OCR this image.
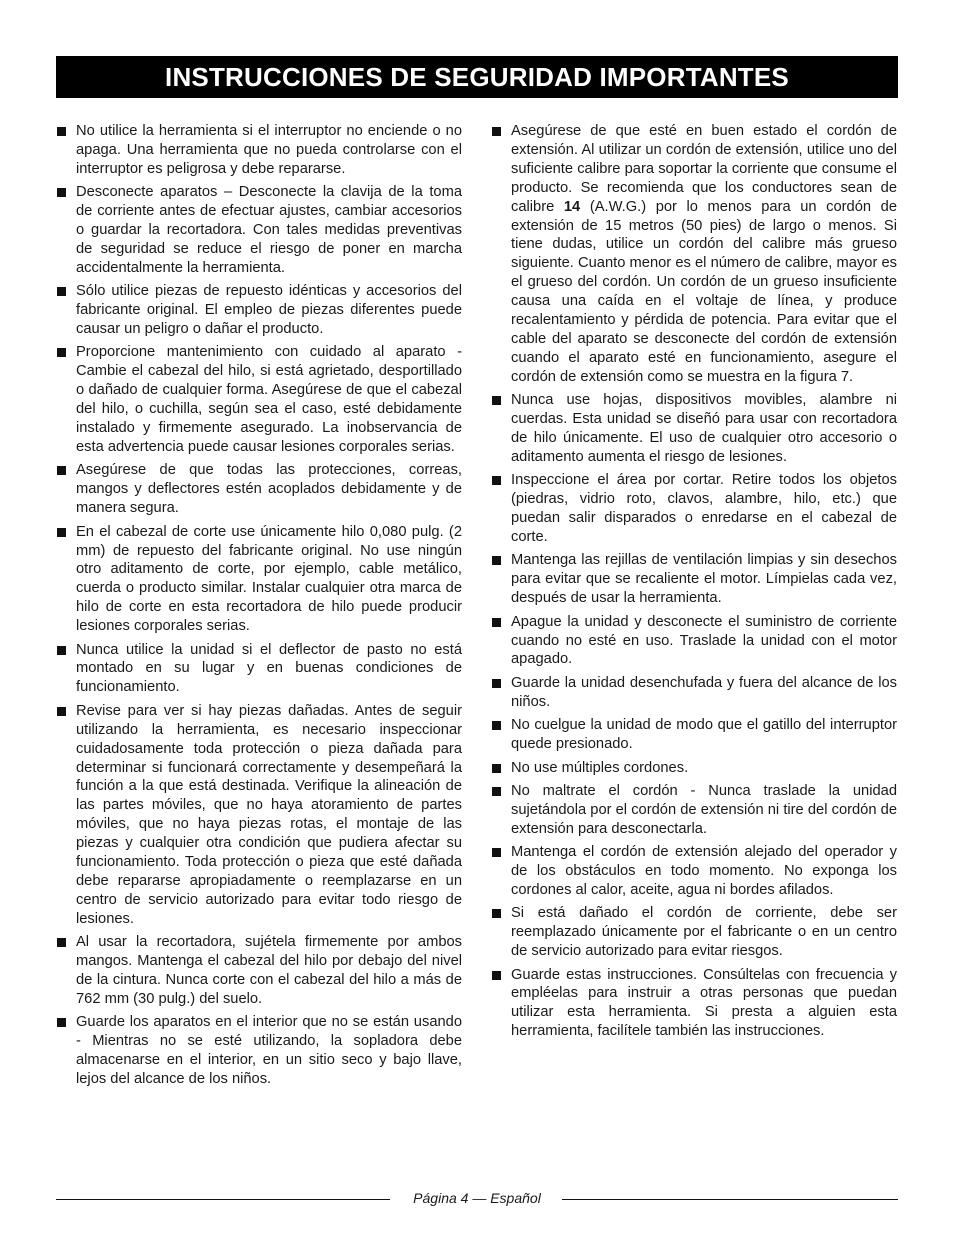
INSTRUCCIONES DE SEGURIDAD IMPORTANTES
No utilice la herramienta si el interruptor no enciende o no apaga. Una herramienta que no pueda controlarse con el interruptor es peligrosa y debe repararse.
Desconecte aparatos – Desconecte la clavija de la toma de corriente antes de efectuar ajustes, cambiar accesorios o guardar la recortadora. Con tales medidas preventivas de seguridad se reduce el riesgo de poner en marcha accidentalmente la herramienta.
Sólo utilice piezas de repuesto idénticas y accesorios del fabricante original. El empleo de piezas diferentes puede causar un peligro o dañar el producto.
Proporcione mantenimiento con cuidado al aparato - Cambie el cabezal del hilo, si está agrietado, desportillado o dañado de cualquier forma. Asegúrese de que el cabezal del hilo, o cuchilla, según sea el caso, esté debidamente instalado y firmemente asegurado. La inobservancia de esta advertencia puede causar lesiones corporales serias.
Asegúrese de que todas las protecciones, correas, mangos y deflectores estén acoplados debidamente y de manera segura.
En el cabezal de corte use únicamente hilo 0,080 pulg. (2 mm) de repuesto del fabricante original. No use ningún otro aditamento de corte, por ejemplo, cable metálico, cuerda o producto similar. Instalar cualquier otra marca de hilo de corte en esta recortadora de hilo puede producir lesiones corporales serias.
Nunca utilice la unidad si el deflector de pasto no está montado en su lugar y en buenas condiciones de funcionamiento.
Revise para ver si hay piezas dañadas. Antes de seguir utilizando la herramienta, es necesario inspeccionar cuidadosamente toda protección o pieza dañada para determinar si funcionará correctamente y desempeñará la función a la que está destinada. Verifique la alineación de las partes móviles, que no haya atoramiento de partes móviles, que no haya piezas rotas, el montaje de las piezas y cualquier otra condición que pudiera afectar su funcionamiento. Toda protección o pieza que esté dañada debe repararse apropiadamente o reemplazarse en un centro de servicio autorizado para evitar todo riesgo de lesiones.
Al usar la recortadora, sujétela firmemente por ambos mangos. Mantenga el cabezal del hilo por debajo del nivel de la cintura. Nunca corte con el cabezal del hilo a más de 762 mm (30 pulg.) del suelo.
Guarde los aparatos en el interior que no se están usando - Mientras no se esté utilizando, la sopladora debe almacenarse en el interior, en un sitio seco y bajo llave, lejos del alcance de los niños.
Asegúrese de que esté en buen estado el cordón de extensión. Al utilizar un cordón de extensión, utilice uno del suficiente calibre para soportar la corriente que consume el producto. Se recomienda que los conductores sean de calibre 14 (A.W.G.) por lo menos para un cordón de extensión de 15 metros (50 pies) de largo o menos. Si tiene dudas, utilice un cordón del calibre más grueso siguiente. Cuanto menor es el número de calibre, mayor es el grueso del cordón. Un cordón de un grueso insuficiente causa una caída en el voltaje de línea, y produce recalentamiento y pérdida de potencia. Para evitar que el cable del aparato se desconecte del cordón de extensión cuando el aparato esté en funcionamiento, asegure el cordón de extensión como se muestra en la figura 7.
Nunca use hojas, dispositivos movibles, alambre ni cuerdas. Esta unidad se diseñó para usar con recortadora de hilo únicamente. El uso de cualquier otro accesorio o aditamento aumenta el riesgo de lesiones.
Inspeccione el área por cortar. Retire todos los objetos (piedras, vidrio roto, clavos, alambre, hilo, etc.) que puedan salir disparados o enredarse en el cabezal de corte.
Mantenga las rejillas de ventilación limpias y sin desechos para evitar que se recaliente el motor. Límpielas cada vez, después de usar la herramienta.
Apague la unidad y desconecte el suministro de corriente cuando no esté en uso. Traslade la unidad con el motor apagado.
Guarde la unidad desenchufada y fuera del alcance de los niños.
No cuelgue la unidad de modo que el gatillo del interruptor quede presionado.
No use múltiples cordones.
No maltrate el cordón - Nunca traslade la unidad sujetándola por el cordón de extensión ni tire del cordón de extensión para desconectarla.
Mantenga el cordón de extensión alejado del operador y de los obstáculos en todo momento. No exponga los cordones al calor, aceite, agua ni bordes afilados.
Si está dañado el cordón de corriente, debe ser reemplazado únicamente por el fabricante o en un centro de servicio autorizado para evitar riesgos.
Guarde estas instrucciones. Consúltelas con frecuencia y empléelas para instruir a otras personas que puedan utilizar esta herramienta. Si presta a alguien esta herramienta, facilítele también las instrucciones.
Página 4 — Español
